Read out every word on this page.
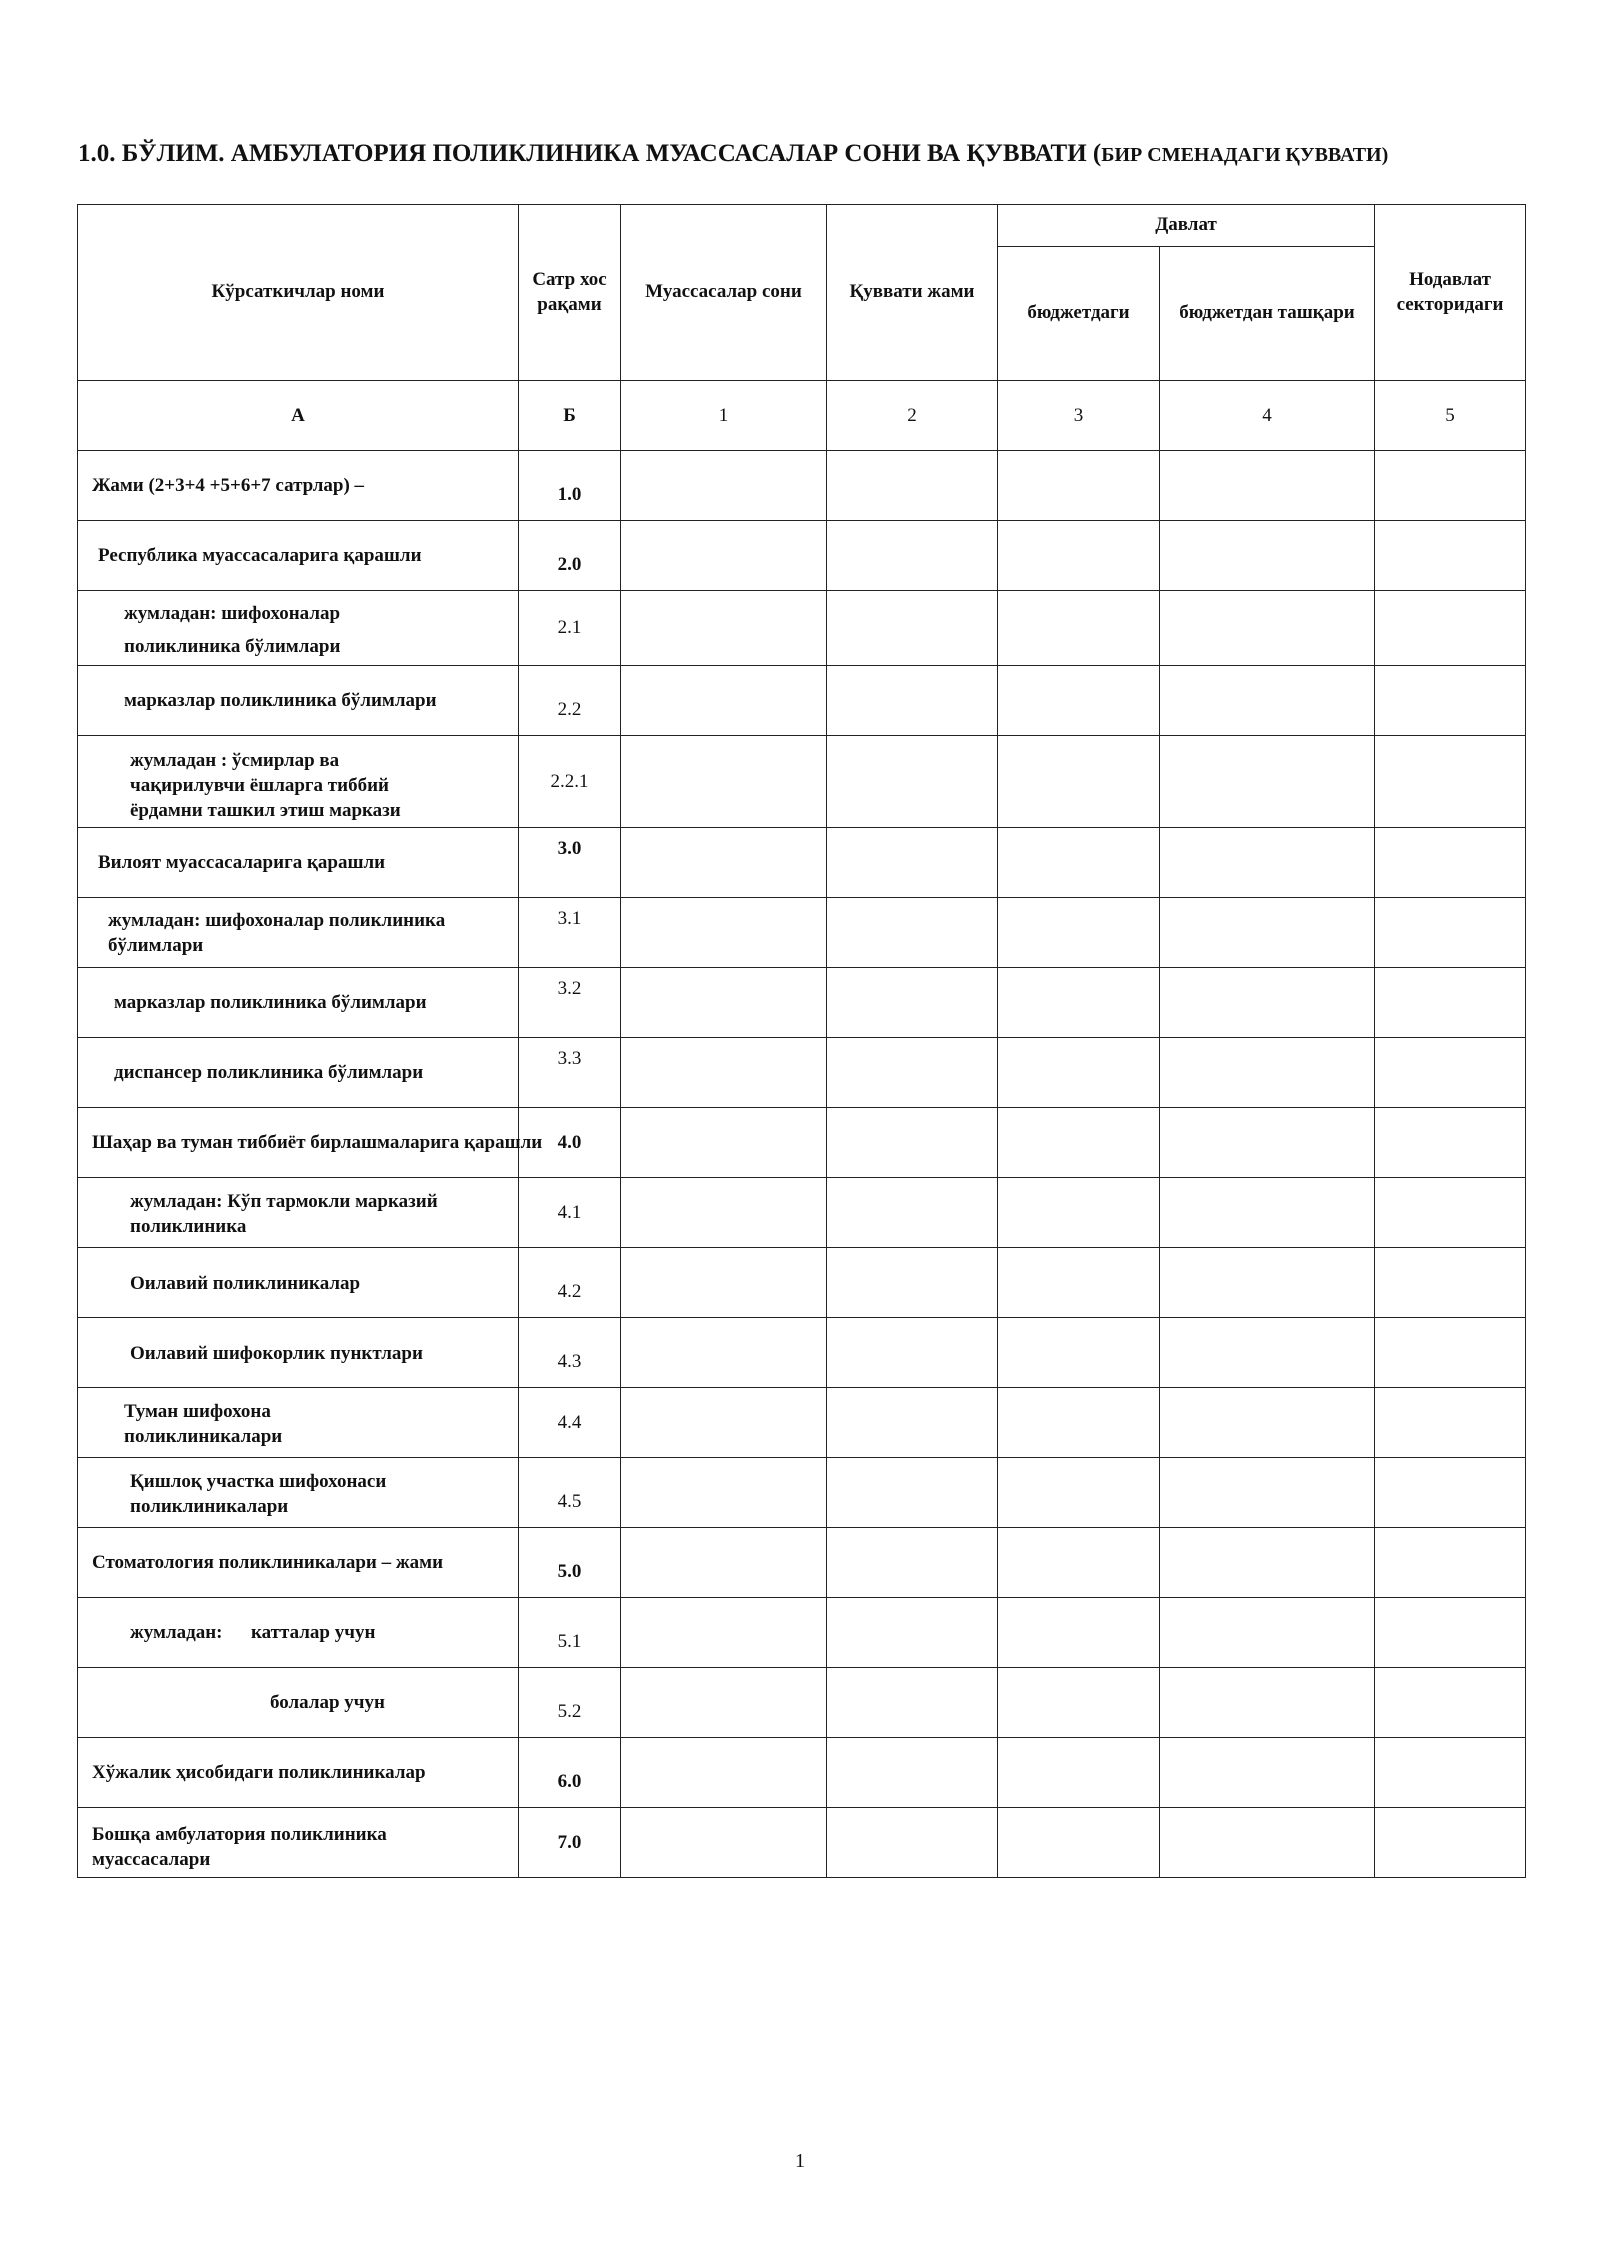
1.0. БЎЛИМ. АМБУЛАТОРИЯ ПОЛИКЛИНИКА МУАССАСАЛАР СОНИ ВА ҚУВВАТИ (БИР СМЕНАДАГИ ҚУВВАТИ)
Кўрсаткичлар номи	Сатр хос рақами	Муассасалар сони	Қуввати жами	Давлат		Нодавлат секторидаги
				бюджетдаги	бюджетдан ташқари	
А	Б	1	2	3	4	5
Жами (2+3+4 +5+6+7 сатрлар) –	1.0					
Республика муассасаларига қарашли	2.0					
жумладан: шифохоналар
поликлиника бўлимлари	2.1					
марказлар поликлиника бўлимлари	2.2					
жумладан : ўсмирлар ва
чақирилувчи ёшларга тиббий
ёрдамни ташкил этиш маркази	2.2.1					
Вилоят муассасаларига қарашли	3.0					
жумладан: шифохоналар поликлиника
бўлимлари	3.1					
марказлар поликлиника бўлимлари	3.2					
диспансер поликлиника бўлимлари	3.3					
Шаҳар ва туман тиббиёт бирлашмаларига қарашли	4.0					
жумладан: Кўп тармокли марказий
поликлиника	4.1					
Оилавий поликлиникалар	4.2					
Оилавий шифокорлик пунктлари	4.3					
Туман шифохона
поликлиникалари	4.4					
Қишлоқ участка шифохонаси
поликлиникалари	4.5					
Стоматология поликлиникалари – жами	5.0					
жумладан:      катталар учун	5.1					
болалар учун	5.2					
Хўжалик ҳисобидаги поликлиникалар	6.0					
Бошқа амбулатория поликлиника
муассасалари	7.0					
1
